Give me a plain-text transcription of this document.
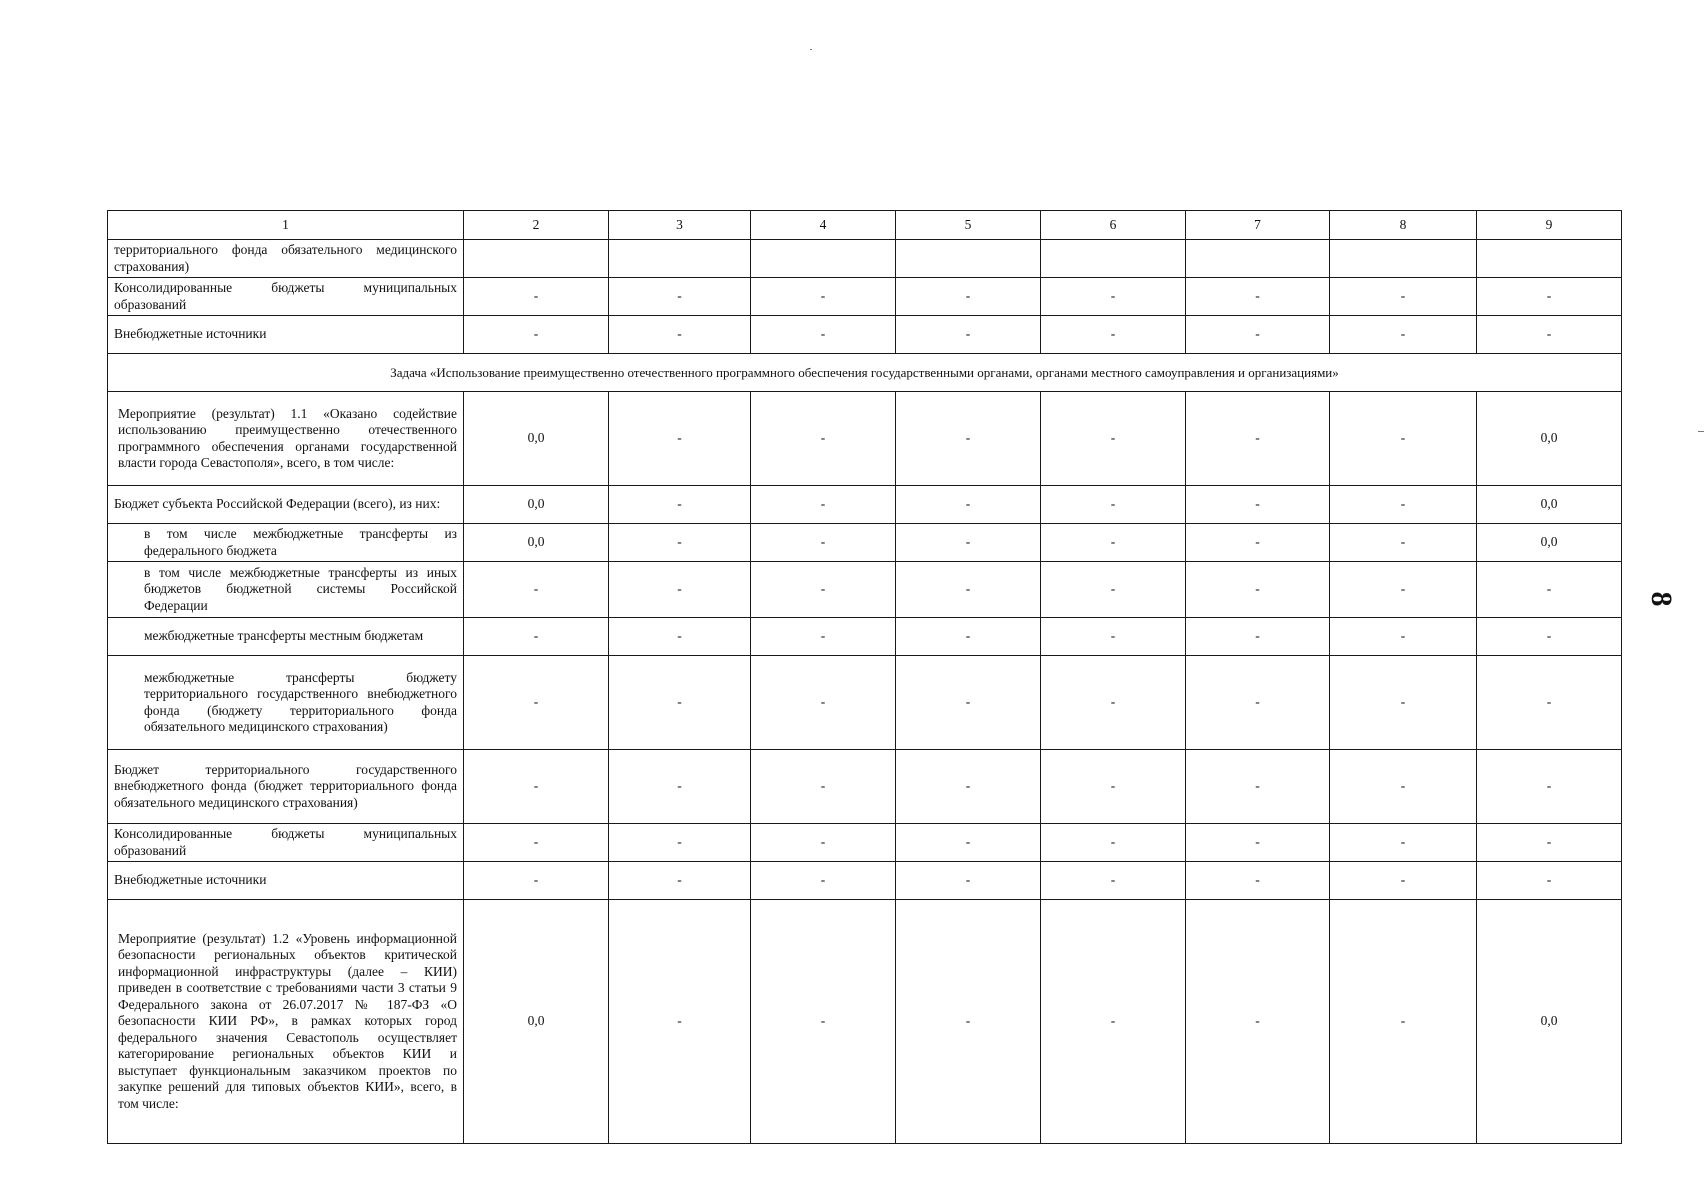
1	2	3	4	5	6	7	8	9
территориального фонда обязательного медицинского страхования)								
Консолидированные бюджеты муниципальных образований	-	-	-	-	-	-	-	-
Внебюджетные источники	-	-	-	-	-	-	-	-
Задача «Использование преимущественно отечественного программного обеспечения государственными органами, органами местного самоуправления и организациями»								
Мероприятие (результат) 1.1 «Оказано содействие использованию преимущественно отечественного программного обеспечения органами государственной власти города Севастополя», всего, в том числе:	0,0	-	-	-	-	-	-	0,0
Бюджет субъекта Российской Федерации (всего), из них:	0,0	-	-	-	-	-	-	0,0
в том числе межбюджетные трансферты из федерального бюджета	0,0	-	-	-	-	-	-	0,0
в том числе межбюджетные трансферты из иных бюджетов бюджетной системы Российской Федерации	-	-	-	-	-	-	-	-
межбюджетные трансферты местным бюджетам	-	-	-	-	-	-	-	-
межбюджетные трансферты бюджету территориального государственного внебюджетного фонда (бюджету территориального фонда обязательного медицинского страхования)	-	-	-	-	-	-	-	-
Бюджет территориального государственного внебюджетного фонда (бюджет территориального фонда обязательного медицинского страхования)	-	-	-	-	-	-	-	-
Консолидированные бюджеты муниципальных образований	-	-	-	-	-	-	-	-
Внебюджетные источники	-	-	-	-	-	-	-	-
Мероприятие (результат) 1.2 «Уровень информационной безопасности региональных объектов критической информационной инфраструктуры (далее – КИИ) приведен в соответствие с требованиями части 3 статьи 9 Федерального закона от 26.07.2017 № 187-ФЗ «О безопасности КИИ РФ», в рамках которых город федерального значения Севастополь осуществляет категорирование региональных объектов КИИ и выступает функциональным заказчиком проектов по закупке решений для типовых объектов КИИ», всего, в том числе:	0,0	-	-	-	-	-	-	0,0
8
